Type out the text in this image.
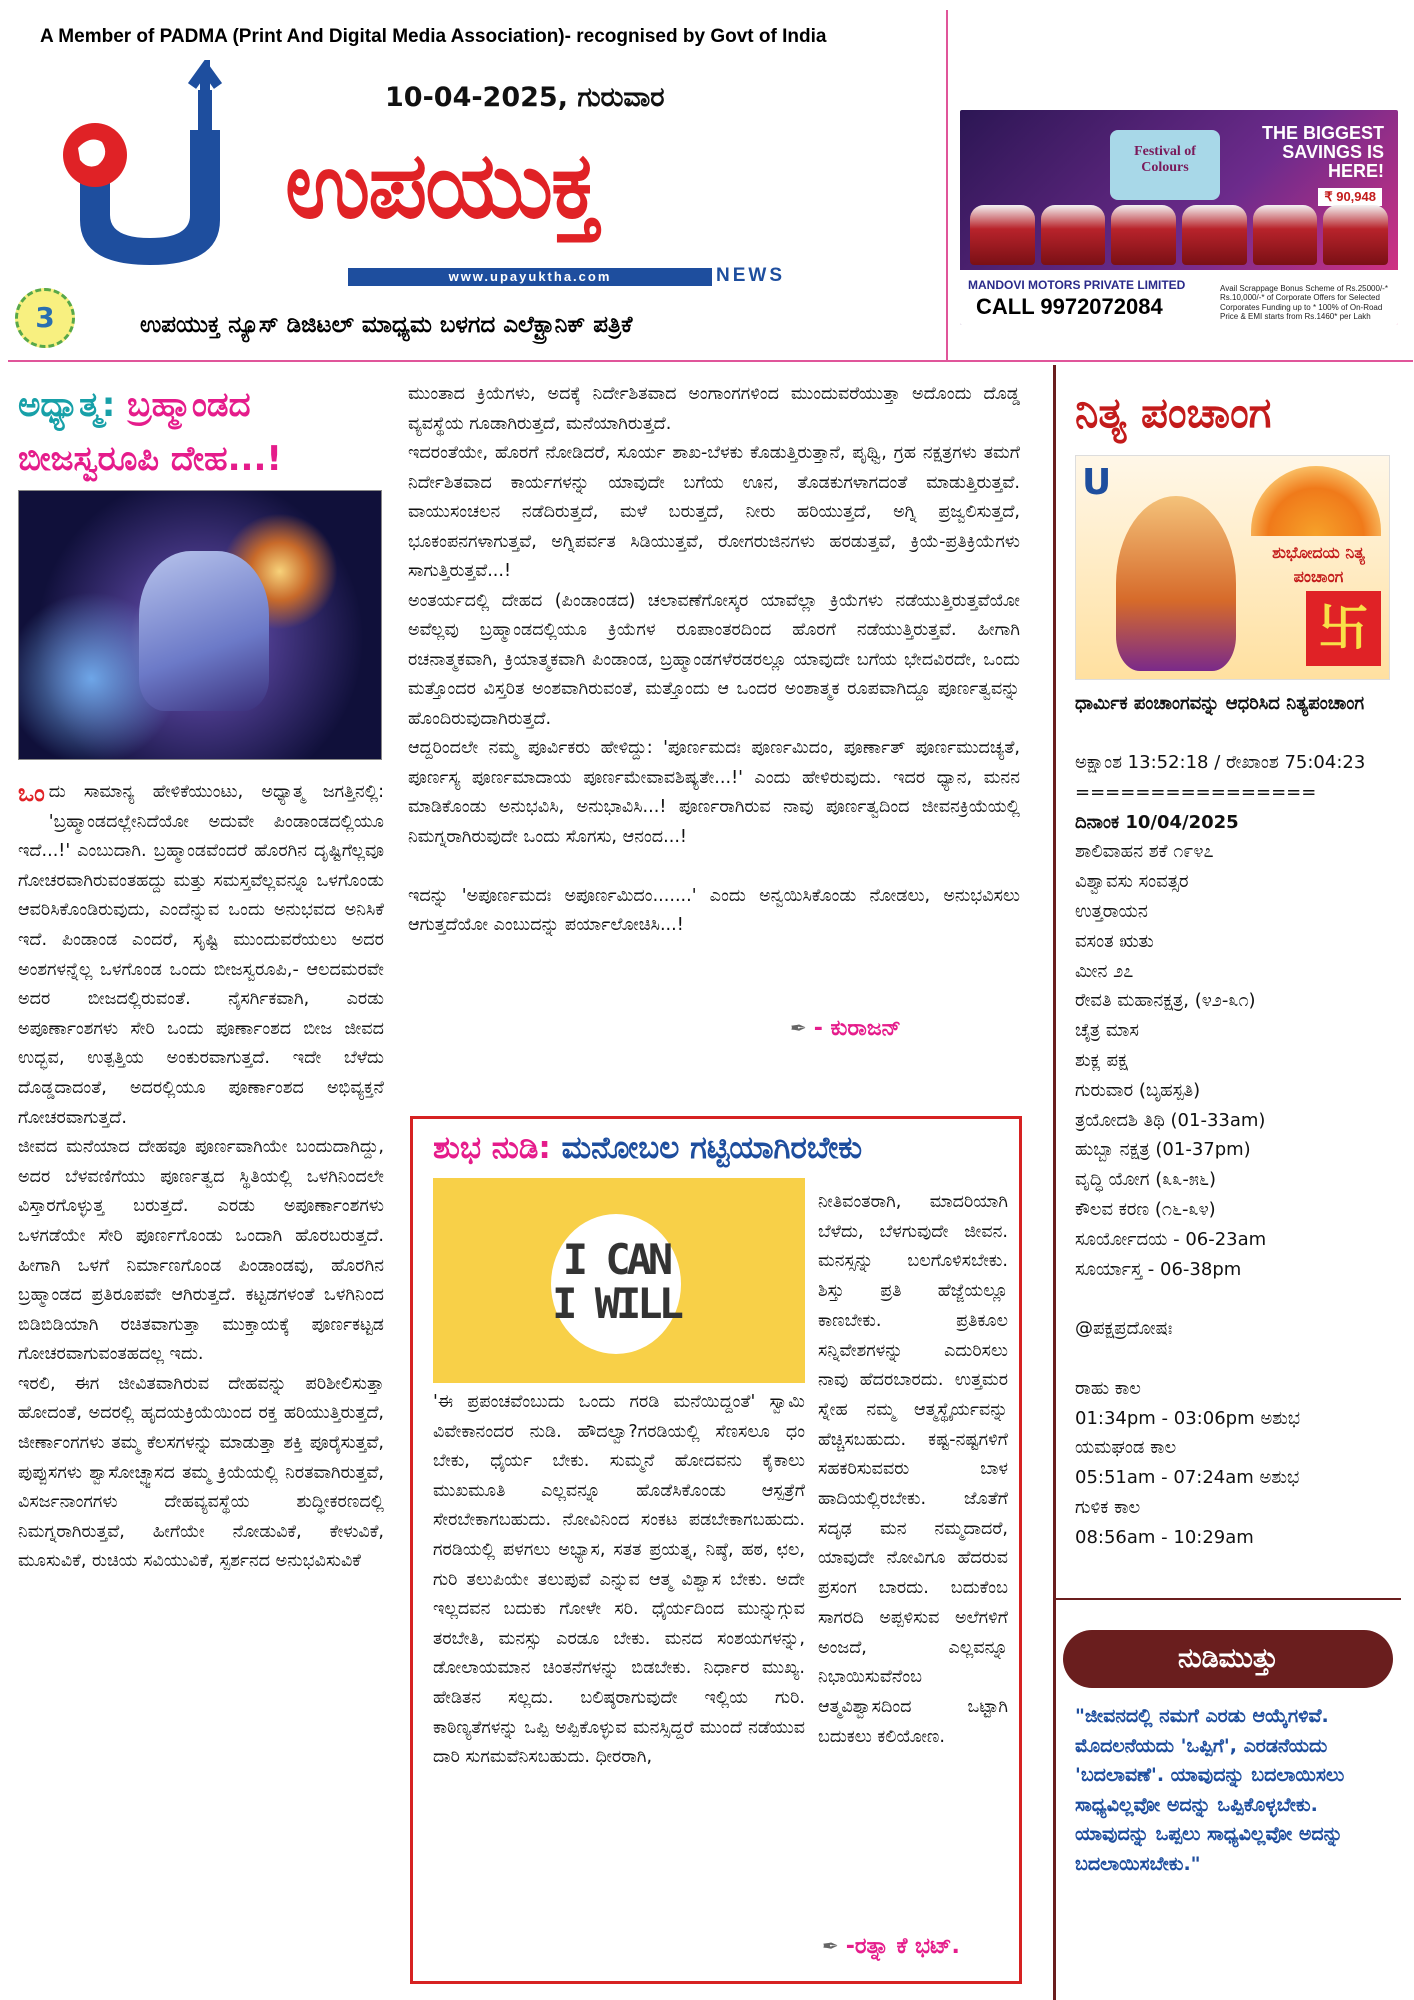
A Member of PADMA (Print And Digital Media Association)- recognised by Govt of India
10-04-2025, ಗುರುವಾರ
ಉಪಯುಕ್ತ
www.upayuktha.com	NEWS
3	ಉಪಯುಕ್ತ ನ್ಯೂಸ್ ಡಿಜಿಟಲ್ ಮಾಧ್ಯಮ ಬಳಗದ ಎಲೆಕ್ಟ್ರಾನಿಕ್ ಪತ್ರಿಕೆ
Festival of Colours
THE BIGGEST SAVINGS IS HERE!
₹ 90,948
MANDOVI MOTORS PRIVATE LIMITED
CALL 9972072084
Avail Scrappage Bonus Scheme of Rs.25000/-* Rs.10,000/-* of Corporate Offers for Selected Corporates Funding up to * 100% of On-Road Price & EMI starts from Rs.1460* per Lakh
ಅಧ್ಯಾತ್ಮ: ಬ್ರಹ್ಮಾಂಡದ
ಬೀಜಸ್ವರೂಪಿ ದೇಹ...!

ಒಂ ದು ಸಾಮಾನ್ಯ ಹೇಳಿಕೆಯುಂಟು, ಅಧ್ಯಾತ್ಮ ಜಗತ್ತಿನಲ್ಲಿ: 'ಬ್ರಹ್ಮಾಂಡದಲ್ಲೇನಿದೆಯೋ ಅದುವೇ ಪಿಂಡಾಂಡದಲ್ಲಿಯೂ ಇದೆ...!' ಎಂಬುದಾಗಿ. ಬ್ರಹ್ಮಾಂಡವೆಂದರೆ ಹೊರಗಿನ ದೃಷ್ಟಿಗೆಲ್ಲವೂ ಗೋಚರವಾಗಿರುವಂತಹದ್ದು ಮತ್ತು ಸಮಸ್ತವೆಲ್ಲವನ್ನೂ ಒಳಗೊಂಡು ಆವರಿಸಿಕೊಂಡಿರುವುದು, ಎಂದೆನ್ನುವ ಒಂದು ಅನುಭವದ ಅನಿಸಿಕೆ ಇದೆ. ಪಿಂಡಾಂಡ ಎಂದರೆ, ಸೃಷ್ಟಿ ಮುಂದುವರೆಯಲು ಅದರ ಅಂಶಗಳನ್ನೆಲ್ಲ ಒಳಗೊಂಡ ಒಂದು ಬೀಜಸ್ವರೂಪಿ,- ಆಲದಮರವೇ ಅದರ ಬೀಜದಲ್ಲಿರುವಂತೆ. ನೈಸರ್ಗಿಕವಾಗಿ, ಎರಡು ಅಪೂರ್ಣಾಂಶಗಳು ಸೇರಿ ಒಂದು ಪೂರ್ಣಾಂಶದ ಬೀಜ ಜೀವದ ಉದ್ಭವ, ಉತ್ಪತ್ತಿಯ ಅಂಕುರವಾಗುತ್ತದೆ. ಇದೇ ಬೆಳೆದು ದೊಡ್ಡದಾದಂತೆ, ಅದರಲ್ಲಿಯೂ ಪೂರ್ಣಾಂಶದ ಅಭಿವ್ಯಕ್ತನೆ ಗೋಚರವಾಗುತ್ತದೆ.

ಜೀವದ ಮನೆಯಾದ ದೇಹವೂ ಪೂರ್ಣವಾಗಿಯೇ ಬಂದುದಾಗಿದ್ದು, ಅದರ ಬೆಳವಣಿಗೆಯು ಪೂರ್ಣತ್ವದ ಸ್ಥಿತಿಯಲ್ಲಿ ಒಳಗಿನಿಂದಲೇ ವಿಸ್ತಾರಗೊಳ್ಳುತ್ತ ಬರುತ್ತದೆ. ಎರಡು ಅಪೂರ್ಣಾಂಶಗಳು ಒಳಗಡೆಯೇ ಸೇರಿ ಪೂರ್ಣಗೊಂಡು ಒಂದಾಗಿ ಹೊರಬರುತ್ತದೆ. ಹೀಗಾಗಿ ಒಳಗೆ ನಿರ್ಮಾಣಗೊಂಡ ಪಿಂಡಾಂಡವು, ಹೊರಗಿನ ಬ್ರಹ್ಮಾಂಡದ ಪ್ರತಿರೂಪವೇ ಆಗಿರುತ್ತದೆ. ಕಟ್ಟಡಗಳಂತೆ ಒಳಗಿನಿಂದ ಬಿಡಿಬಿಡಿಯಾಗಿ ರಚಿತವಾಗುತ್ತಾ ಮುಕ್ತಾಯಕ್ಕೆ ಪೂರ್ಣಕಟ್ಟಡ ಗೋಚರವಾಗುವಂತಹದಲ್ಲ ಇದು.

ಇರಲಿ, ಈಗ ಜೀವಿತವಾಗಿರುವ ದೇಹವನ್ನು ಪರಿಶೀಲಿಸುತ್ತಾ ಹೋದಂತೆ, ಅದರಲ್ಲಿ ಹೃದಯಕ್ರಿಯೆಯಿಂದ ರಕ್ತ ಹರಿಯುತ್ತಿರುತ್ತದೆ, ಜೀರ್ಣಾಂಗಗಳು ತಮ್ಮ ಕೆಲಸಗಳನ್ನು ಮಾಡುತ್ತಾ ಶಕ್ತಿ ಪೂರೈಸುತ್ತವೆ, ಪುಪ್ಪುಸಗಳು ಶ್ವಾಸೋಚ್ಛ್ವಾಸದ ತಮ್ಮ ಕ್ರಿಯೆಯಲ್ಲಿ ನಿರತವಾಗಿರುತ್ತವೆ, ವಿಸರ್ಜನಾಂಗಗಳು ದೇಹವ್ಯವಸ್ಥೆಯ ಶುದ್ಧೀಕರಣದಲ್ಲಿ ನಿಮಗ್ನರಾಗಿರುತ್ತವೆ, ಹೀಗೆಯೇ ನೋಡುವಿಕೆ, ಕೇಳುವಿಕೆ, ಮೂಸುವಿಕೆ, ರುಚಿಯ ಸವಿಯುವಿಕೆ, ಸ್ಪರ್ಶನದ ಅನುಭವಿಸುವಿಕೆ

ಮುಂತಾದ ಕ್ರಿಯೆಗಳು, ಅದಕ್ಕೆ ನಿರ್ದೇಶಿತವಾದ ಅಂಗಾಂಗಗಳಿಂದ ಮುಂದುವರೆಯುತ್ತಾ ಅದೊಂದು ದೊಡ್ಡ ವ್ಯವಸ್ಥೆಯ ಗೂಡಾಗಿರುತ್ತದೆ, ಮನೆಯಾಗಿರುತ್ತದೆ.

ಇದರಂತೆಯೇ, ಹೊರಗೆ ನೋಡಿದರೆ, ಸೂರ್ಯ ಶಾಖ-ಬೆಳಕು ಕೊಡುತ್ತಿರುತ್ತಾನೆ, ಪೃಥ್ವಿ, ಗ್ರಹ ನಕ್ಷತ್ರಗಳು ತಮಗೆ ನಿರ್ದೇಶಿತವಾದ ಕಾರ್ಯಗಳನ್ನು ಯಾವುದೇ ಬಗೆಯ ಊನ, ತೊಡಕುಗಳಾಗದಂತೆ ಮಾಡುತ್ತಿರುತ್ತವೆ. ವಾಯುಸಂಚಲನ ನಡೆದಿರುತ್ತದೆ, ಮಳೆ ಬರುತ್ತದೆ, ನೀರು ಹರಿಯುತ್ತದೆ, ಅಗ್ನಿ ಪ್ರಜ್ವಲಿಸುತ್ತದೆ, ಭೂಕಂಪನಗಳಾಗುತ್ತವೆ, ಅಗ್ನಿಪರ್ವತ ಸಿಡಿಯುತ್ತವೆ, ರೋಗರುಜಿನಗಳು ಹರಡುತ್ತವೆ, ಕ್ರಿಯೆ-ಪ್ರತಿಕ್ರಿಯೆಗಳು ಸಾಗುತ್ತಿರುತ್ತವೆ...!

ಅಂತರ್ಯದಲ್ಲಿ ದೇಹದ (ಪಿಂಡಾಂಡದ) ಚಲಾವಣೆಗೋಸ್ಕರ ಯಾವೆಲ್ಲಾ ಕ್ರಿಯೆಗಳು ನಡೆಯುತ್ತಿರುತ್ತವೆಯೋ ಅವೆಲ್ಲವು ಬ್ರಹ್ಮಾಂಡದಲ್ಲಿಯೂ ಕ್ರಿಯೆಗಳ ರೂಪಾಂತರದಿಂದ ಹೊರಗೆ ನಡೆಯುತ್ತಿರುತ್ತವೆ. ಹೀಗಾಗಿ ರಚನಾತ್ಮಕವಾಗಿ, ಕ್ರಿಯಾತ್ಮಕವಾಗಿ ಪಿಂಡಾಂಡ, ಬ್ರಹ್ಮಾಂಡಗಳೆರಡರಲ್ಲೂ ಯಾವುದೇ ಬಗೆಯ ಭೇದವಿರದೇ, ಒಂದು ಮತ್ತೊಂದರ ವಿಸ್ತರಿತ ಅಂಶವಾಗಿರುವಂತೆ, ಮತ್ತೊಂದು ಆ ಒಂದರ ಅಂಶಾತ್ಮಕ ರೂಪವಾಗಿದ್ದೂ ಪೂರ್ಣತ್ವವನ್ನು ಹೊಂದಿರುವುದಾಗಿರುತ್ತದೆ.

ಆದ್ದರಿಂದಲೇ ನಮ್ಮ ಪೂರ್ವಿಕರು ಹೇಳಿದ್ದು: 'ಪೂರ್ಣಮದಃ ಪೂರ್ಣಮಿದಂ, ಪೂರ್ಣಾತ್ ಪೂರ್ಣಮುದಚ್ಯತೆ, ಪೂರ್ಣಸ್ಯ ಪೂರ್ಣಮಾದಾಯ ಪೂರ್ಣಮೇವಾವಶಿಷ್ಯತೇ...!' ಎಂದು ಹೇಳಿರುವುದು. ಇದರ ಧ್ಯಾನ, ಮನನ ಮಾಡಿಕೊಂಡು ಅನುಭವಿಸಿ, ಅನುಭಾವಿಸಿ...! ಪೂರ್ಣರಾಗಿರುವ ನಾವು ಪೂರ್ಣತ್ವದಿಂದ ಜೀವನಕ್ರಿಯೆಯಲ್ಲಿ ನಿಮಗ್ನರಾಗಿರುವುದೇ ಒಂದು ಸೊಗಸು, ಆನಂದ...!

ಇದನ್ನು 'ಅಪೂರ್ಣಮದಃ ಅಪೂರ್ಣಮಿದಂ.......' ಎಂದು ಅನ್ವಯಿಸಿಕೊಂಡು ನೋಡಲು, ಅನುಭವಿಸಲು ಆಗುತ್ತದೆಯೋ ಎಂಬುದನ್ನು ಪರ್ಯಾಲೋಚಿಸಿ...!

✒ - ಕುರಾಜನ್
ಶುಭ ನುಡಿ: ಮನೋಬಲ ಗಟ್ಟಿಯಾಗಿರಬೇಕು
I CAN
I WILL

'ಈ ಪ್ರಪಂಚವೆಂಬುದು ಒಂದು ಗರಡಿ ಮನೆಯಿದ್ದಂತೆ' ಸ್ವಾಮಿ ವಿವೇಕಾನಂದರ ನುಡಿ. ಹೌದಲ್ವಾ?ಗರಡಿಯಲ್ಲಿ ಸೆಣಸಲೂ ಧಂ ಬೇಕು, ಧೈರ್ಯ ಬೇಕು. ಸುಮ್ಮನೆ ಹೋದವನು ಕೈಕಾಲು ಮುಖಮೂತಿ ಎಲ್ಲವನ್ನೂ ಹೊಡೆಸಿಕೊಂಡು ಆಸ್ಪತ್ರೆಗೆ ಸೇರಬೇಕಾಗಬಹುದು. ನೋವಿನಿಂದ ಸಂಕಟ ಪಡಬೇಕಾಗಬಹುದು. ಗರಡಿಯಲ್ಲಿ ಪಳಗಲು ಅಭ್ಯಾಸ, ಸತತ ಪ್ರಯತ್ನ, ನಿಷ್ಠೆ, ಹಠ, ಛಲ, ಗುರಿ ತಲುಪಿಯೇ ತಲುಪುವೆ ಎನ್ನುವ ಆತ್ಮ ವಿಶ್ವಾಸ ಬೇಕು. ಅದೇ ಇಲ್ಲದವನ ಬದುಕು ಗೋಳೇ ಸರಿ. ಧೈರ್ಯದಿಂದ ಮುನ್ನುಗ್ಗುವ ತರಬೇತಿ, ಮನಸ್ಸು ಎರಡೂ ಬೇಕು. ಮನದ ಸಂಶಯಗಳನ್ನು, ಡೋಲಾಯಮಾನ ಚಿಂತನೆಗಳನ್ನು ಬಿಡಬೇಕು. ನಿರ್ಧಾರ ಮುಖ್ಯ. ಹೇಡಿತನ ಸಲ್ಲದು. ಬಲಿಷ್ಠರಾಗುವುದೇ ಇಲ್ಲಿಯ ಗುರಿ. ಕಾಠಿಣ್ಯತೆಗಳನ್ನು ಒಪ್ಪಿ ಅಪ್ಪಿಕೊಳ್ಳುವ ಮನಸ್ಸಿದ್ದರೆ ಮುಂದೆ ನಡೆಯುವ ದಾರಿ ಸುಗಮವೆನಿಸಬಹುದು. ಧೀರರಾಗಿ,

ನೀತಿವಂತರಾಗಿ, ಮಾದರಿಯಾಗಿ ಬೆಳೆದು, ಬೆಳಗುವುದೇ ಜೀವನ. ಮನಸ್ಸನ್ನು ಬಲಗೊಳಿಸಬೇಕು. ಶಿಸ್ತು ಪ್ರತಿ ಹೆಜ್ಜೆಯಲ್ಲೂ ಕಾಣಬೇಕು. ಪ್ರತಿಕೂಲ ಸನ್ನಿವೇಶಗಳನ್ನು ಎದುರಿಸಲು ನಾವು ಹೆದರಬಾರದು. ಉತ್ತಮರ ಸ್ನೇಹ ನಮ್ಮ ಆತ್ಮಸ್ಥೈರ್ಯವನ್ನು ಹೆಚ್ಚಿಸಬಹುದು. ಕಷ್ಟ-ನಷ್ಟಗಳಿಗೆ ಸಹಕರಿಸುವವರು ಬಾಳ ಹಾದಿಯಲ್ಲಿರಬೇಕು. ಜೊತೆಗೆ ಸದೃಢ ಮನ ನಮ್ಮದಾದರೆ, ಯಾವುದೇ ನೋವಿಗೂ ಹೆದರುವ ಪ್ರಸಂಗ ಬಾರದು. ಬದುಕೆಂಬ ಸಾಗರದಿ ಅಪ್ಪಳಿಸುವ ಅಲೆಗಳಿಗೆ ಅಂಜದೆ, ಎಲ್ಲವನ್ನೂ ನಿಭಾಯಿಸುವೆನೆಂಬ ಆತ್ಮವಿಶ್ವಾಸದಿಂದ ಒಟ್ಟಾಗಿ ಬದುಕಲು ಕಲಿಯೋಣ.

✒ -ರತ್ನಾ ಕೆ ಭಟ್.
ನಿತ್ಯ ಪಂಚಾಂಗ
U
ಶುಭೋದಯ ನಿತ್ಯ ಪಂಚಾಂಗ
卐
ಧಾರ್ಮಿಕ ಪಂಚಾಂಗವನ್ನು ಆಧರಿಸಿದ ನಿತ್ಯಪಂಚಾಂಗ
ಅಕ್ಷಾಂಶ 13:52:18 / ರೇಖಾಂಶ 75:04:23
================
ದಿನಾಂಕ 10/04/2025
ಶಾಲಿವಾಹನ ಶಕೆ ೧೯೪೭
ವಿಶ್ವಾವಸು ಸಂವತ್ಸರ
ಉತ್ತರಾಯನ
ವಸಂತ ಋತು
ಮೀನ ೨೭
ರೇವತಿ ಮಹಾನಕ್ಷತ್ರ, (೪೨-೩೧)
ಚೈತ್ರ ಮಾಸ
ಶುಕ್ಲ ಪಕ್ಷ
ಗುರುವಾರ (ಬೃಹಸ್ಪತಿ)
ತ್ರಯೋದಶಿ ತಿಥಿ (01-33am)
ಹುಬ್ಬಾ ನಕ್ಷತ್ರ (01-37pm)
ವೃದ್ಧಿ ಯೋಗ (೩೩-೫೬)
ಕೌಲವ ಕರಣ (೧೬-೩೪)
ಸೂರ್ಯೋದಯ - 06-23am
ಸೂರ್ಯಾಸ್ತ - 06-38pm
@ಪಕ್ಷಪ್ರದೋಷಃ
ರಾಹು ಕಾಲ
01:34pm - 03:06pm ಅಶುಭ
ಯಮಘಂಡ ಕಾಲ
05:51am - 07:24am ಅಶುಭ
ಗುಳಿಕ ಕಾಲ
08:56am - 10:29am
ನುಡಿಮುತ್ತು
"ಜೀವನದಲ್ಲಿ ನಮಗೆ ಎರಡು ಆಯ್ಕೆಗಳಿವೆ. ಮೊದಲನೆಯದು 'ಒಪ್ಪಿಗೆ', ಎರಡನೆಯದು 'ಬದಲಾವಣೆ'. ಯಾವುದನ್ನು ಬದಲಾಯಿಸಲು ಸಾಧ್ಯವಿಲ್ಲವೋ ಅದನ್ನು ಒಪ್ಪಿಕೊಳ್ಳಬೇಕು. ಯಾವುದನ್ನು ಒಪ್ಪಲು ಸಾಧ್ಯವಿಲ್ಲವೋ ಅದನ್ನು ಬದಲಾಯಿಸಬೇಕು."
